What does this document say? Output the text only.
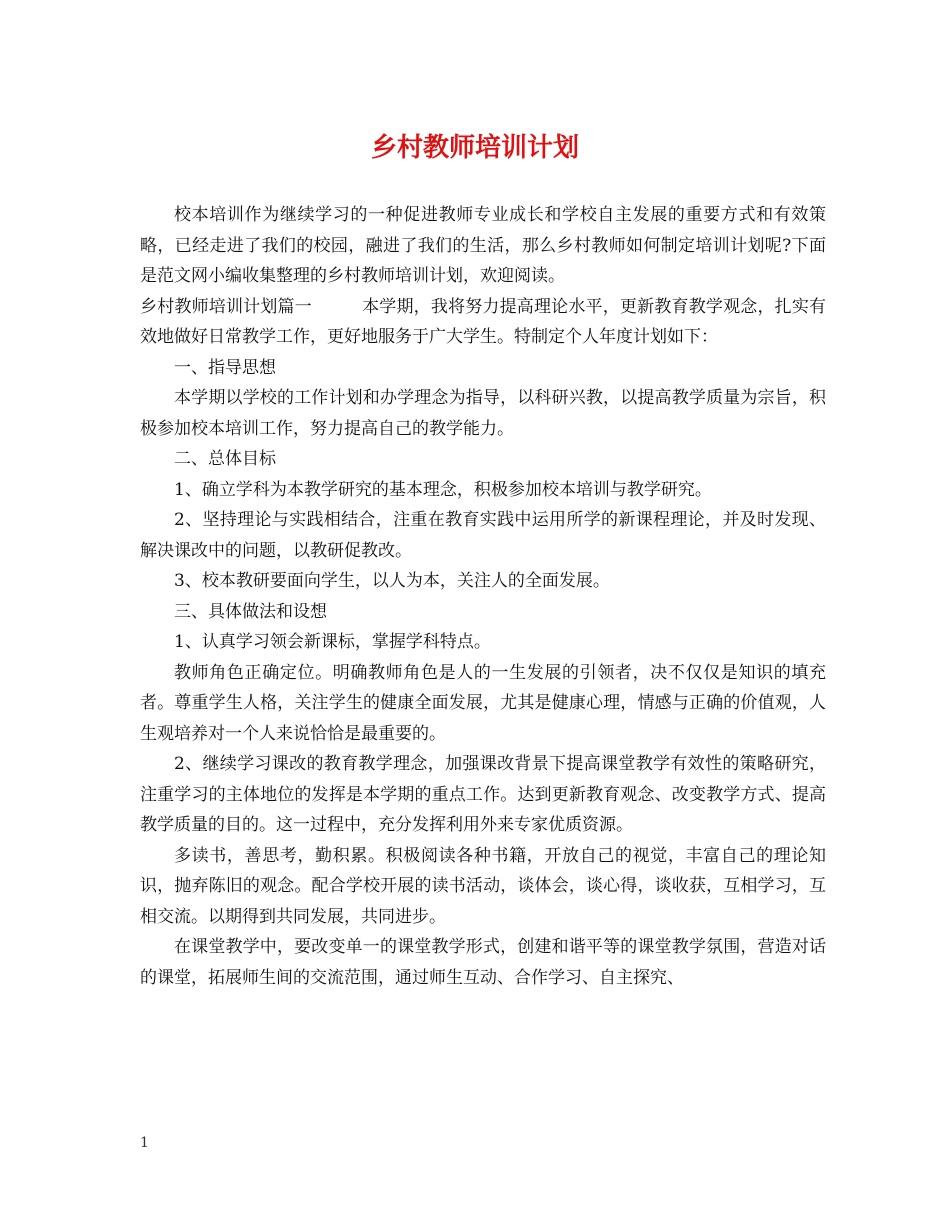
乡村教师培训计划

校本培训作为继续学习的一种促进教师专业成长和学校自主发展的重要方式和有效策略，已经走进了我们的校园，融进了我们的生活，那么乡村教师如何制定培训计划呢?下面是范文网小编收集整理的乡村教师培训计划，欢迎阅读。

乡村教师培训计划篇一	本学期，我将努力提高理论水平，更新教育教学观念，扎实有效地做好日常教学工作，更好地服务于广大学生。特制定个人年度计划如下：

一、指导思想

本学期以学校的工作计划和办学理念为指导，以科研兴教，以提高教学质量为宗旨，积极参加校本培训工作，努力提高自己的教学能力。

二、总体目标

1、确立学科为本教学研究的基本理念，积极参加校本培训与教学研究。

2、坚持理论与实践相结合，注重在教育实践中运用所学的新课程理论，并及时发现、解决课改中的问题，以教研促教改。

3、校本教研要面向学生，以人为本，关注人的全面发展。

三、具体做法和设想

1、认真学习领会新课标，掌握学科特点。

教师角色正确定位。明确教师角色是人的一生发展的引领者，决不仅仅是知识的填充者。尊重学生人格，关注学生的健康全面发展，尤其是健康心理，情感与正确的价值观，人生观培养对一个人来说恰恰是最重要的。

2、继续学习课改的教育教学理念，加强课改背景下提高课堂教学有效性的策略研究，注重学习的主体地位的发挥是本学期的重点工作。达到更新教育观念、改变教学方式、提高教学质量的目的。这一过程中，充分发挥利用外来专家优质资源。

多读书，善思考，勤积累。积极阅读各种书籍，开放自己的视觉，丰富自己的理论知识，抛弃陈旧的观念。配合学校开展的读书活动，谈体会，谈心得，谈收获，互相学习，互相交流。以期得到共同发展，共同进步。

在课堂教学中，要改变单一的课堂教学形式，创建和谐平等的课堂教学氛围，营造对话的课堂，拓展师生间的交流范围，通过师生互动、合作学习、自主探究、

1
